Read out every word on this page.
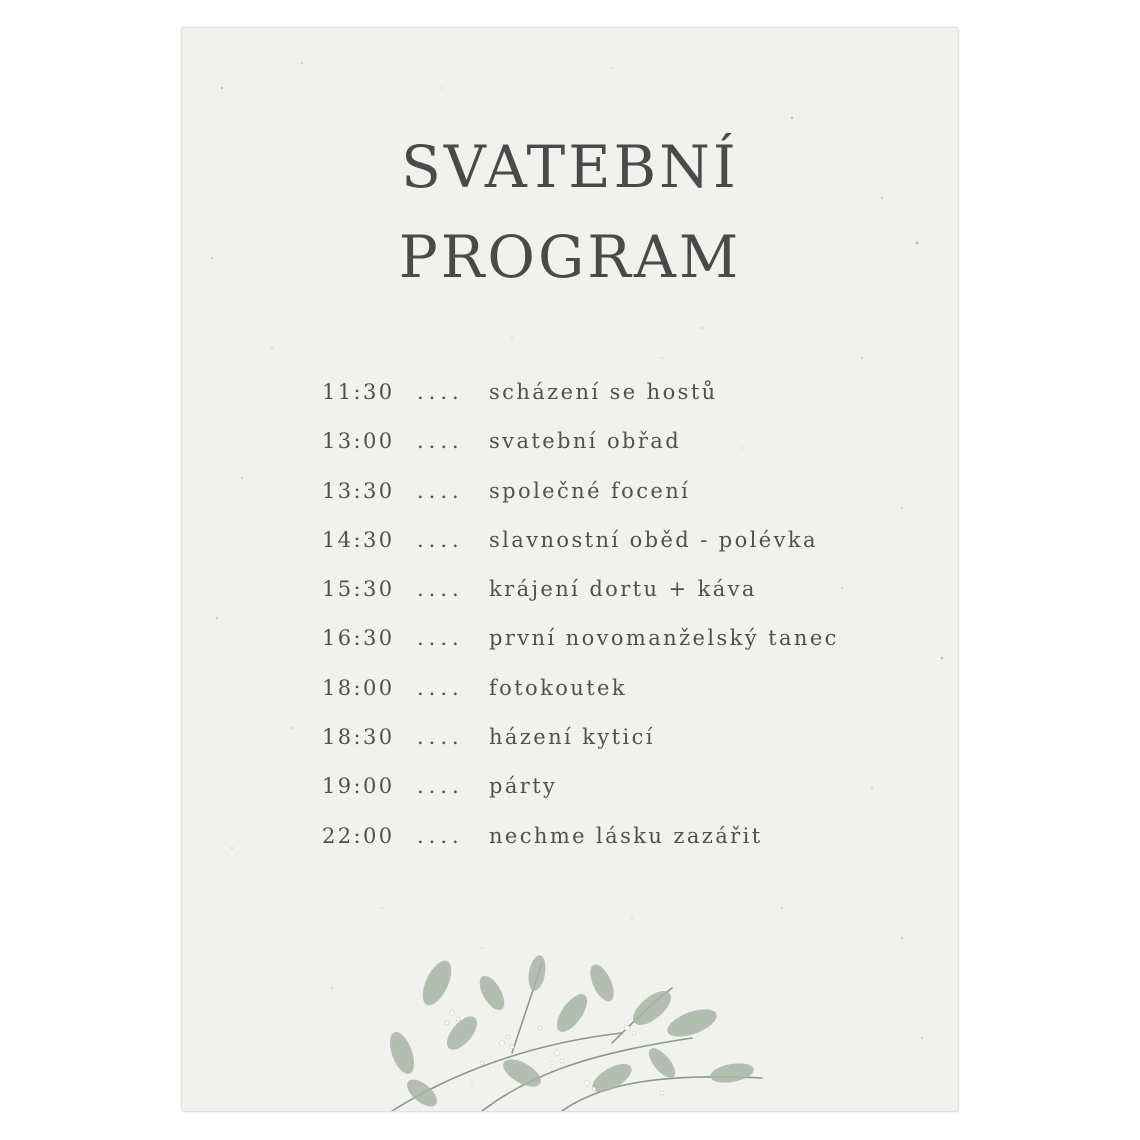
SVATEBNÍ
PROGRAM
11:30 .... scházení se hostů
13:00 .... svatební obřad
13:30 .... společné focení
14:30 .... slavnostní oběd - polévka
15:30 .... krájení dortu + káva
16:30 .... první novomanželský tanec
18:00 .... fotokoutek
18:30 .... házení kyticí
19:00 .... párty
22:00 .... nechme lásku zazářit
